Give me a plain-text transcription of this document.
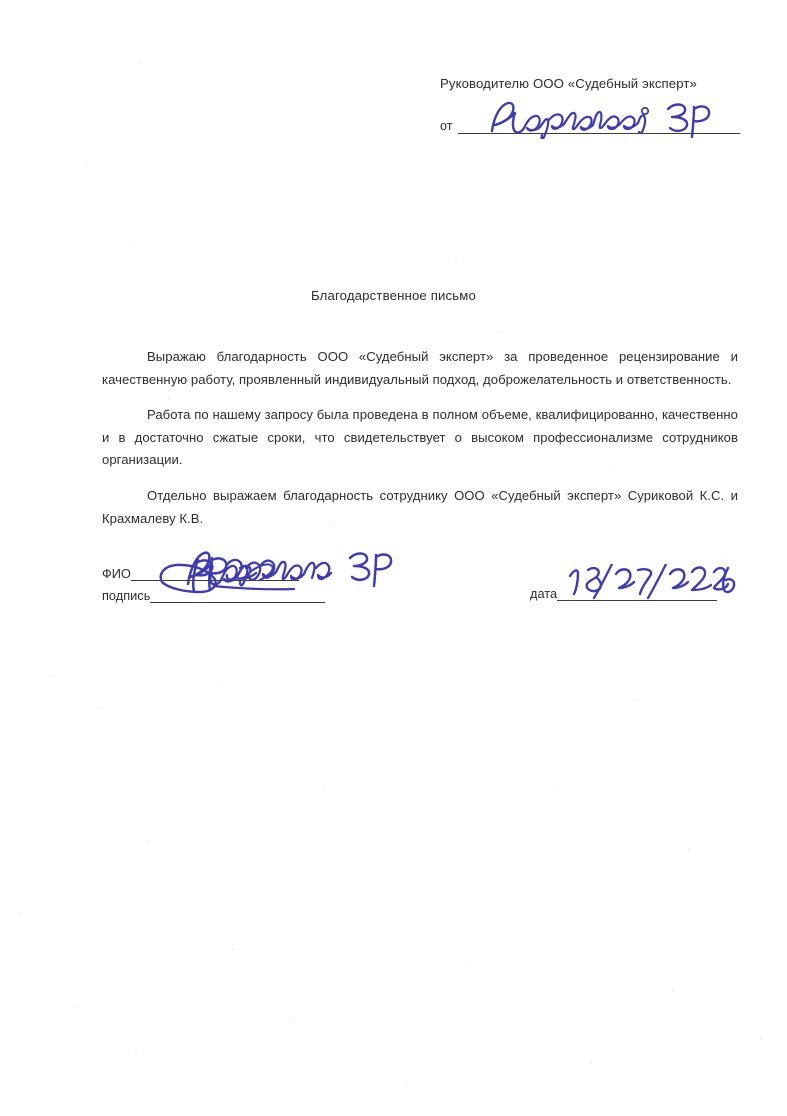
Руководителю ООО «Судебный эксперт»
от
Благодарственное письмо

Выражаю благодарность ООО «Судебный эксперт» за проведенное рецензирование и качественную работу, проявленный индивидуальный подход, доброжелательность и ответственность.

Работа по нашему запросу была проведена в полном объеме, квалифицированно, качественно и в достаточно сжатые сроки, что свидетельствует о высоком профессионализме сотрудников организации.

Отдельно выражаем благодарность сотруднику ООО «Судебный эксперт» Суриковой К.С. и Крахмалеву К.В.

ФИО
подпись	дата
